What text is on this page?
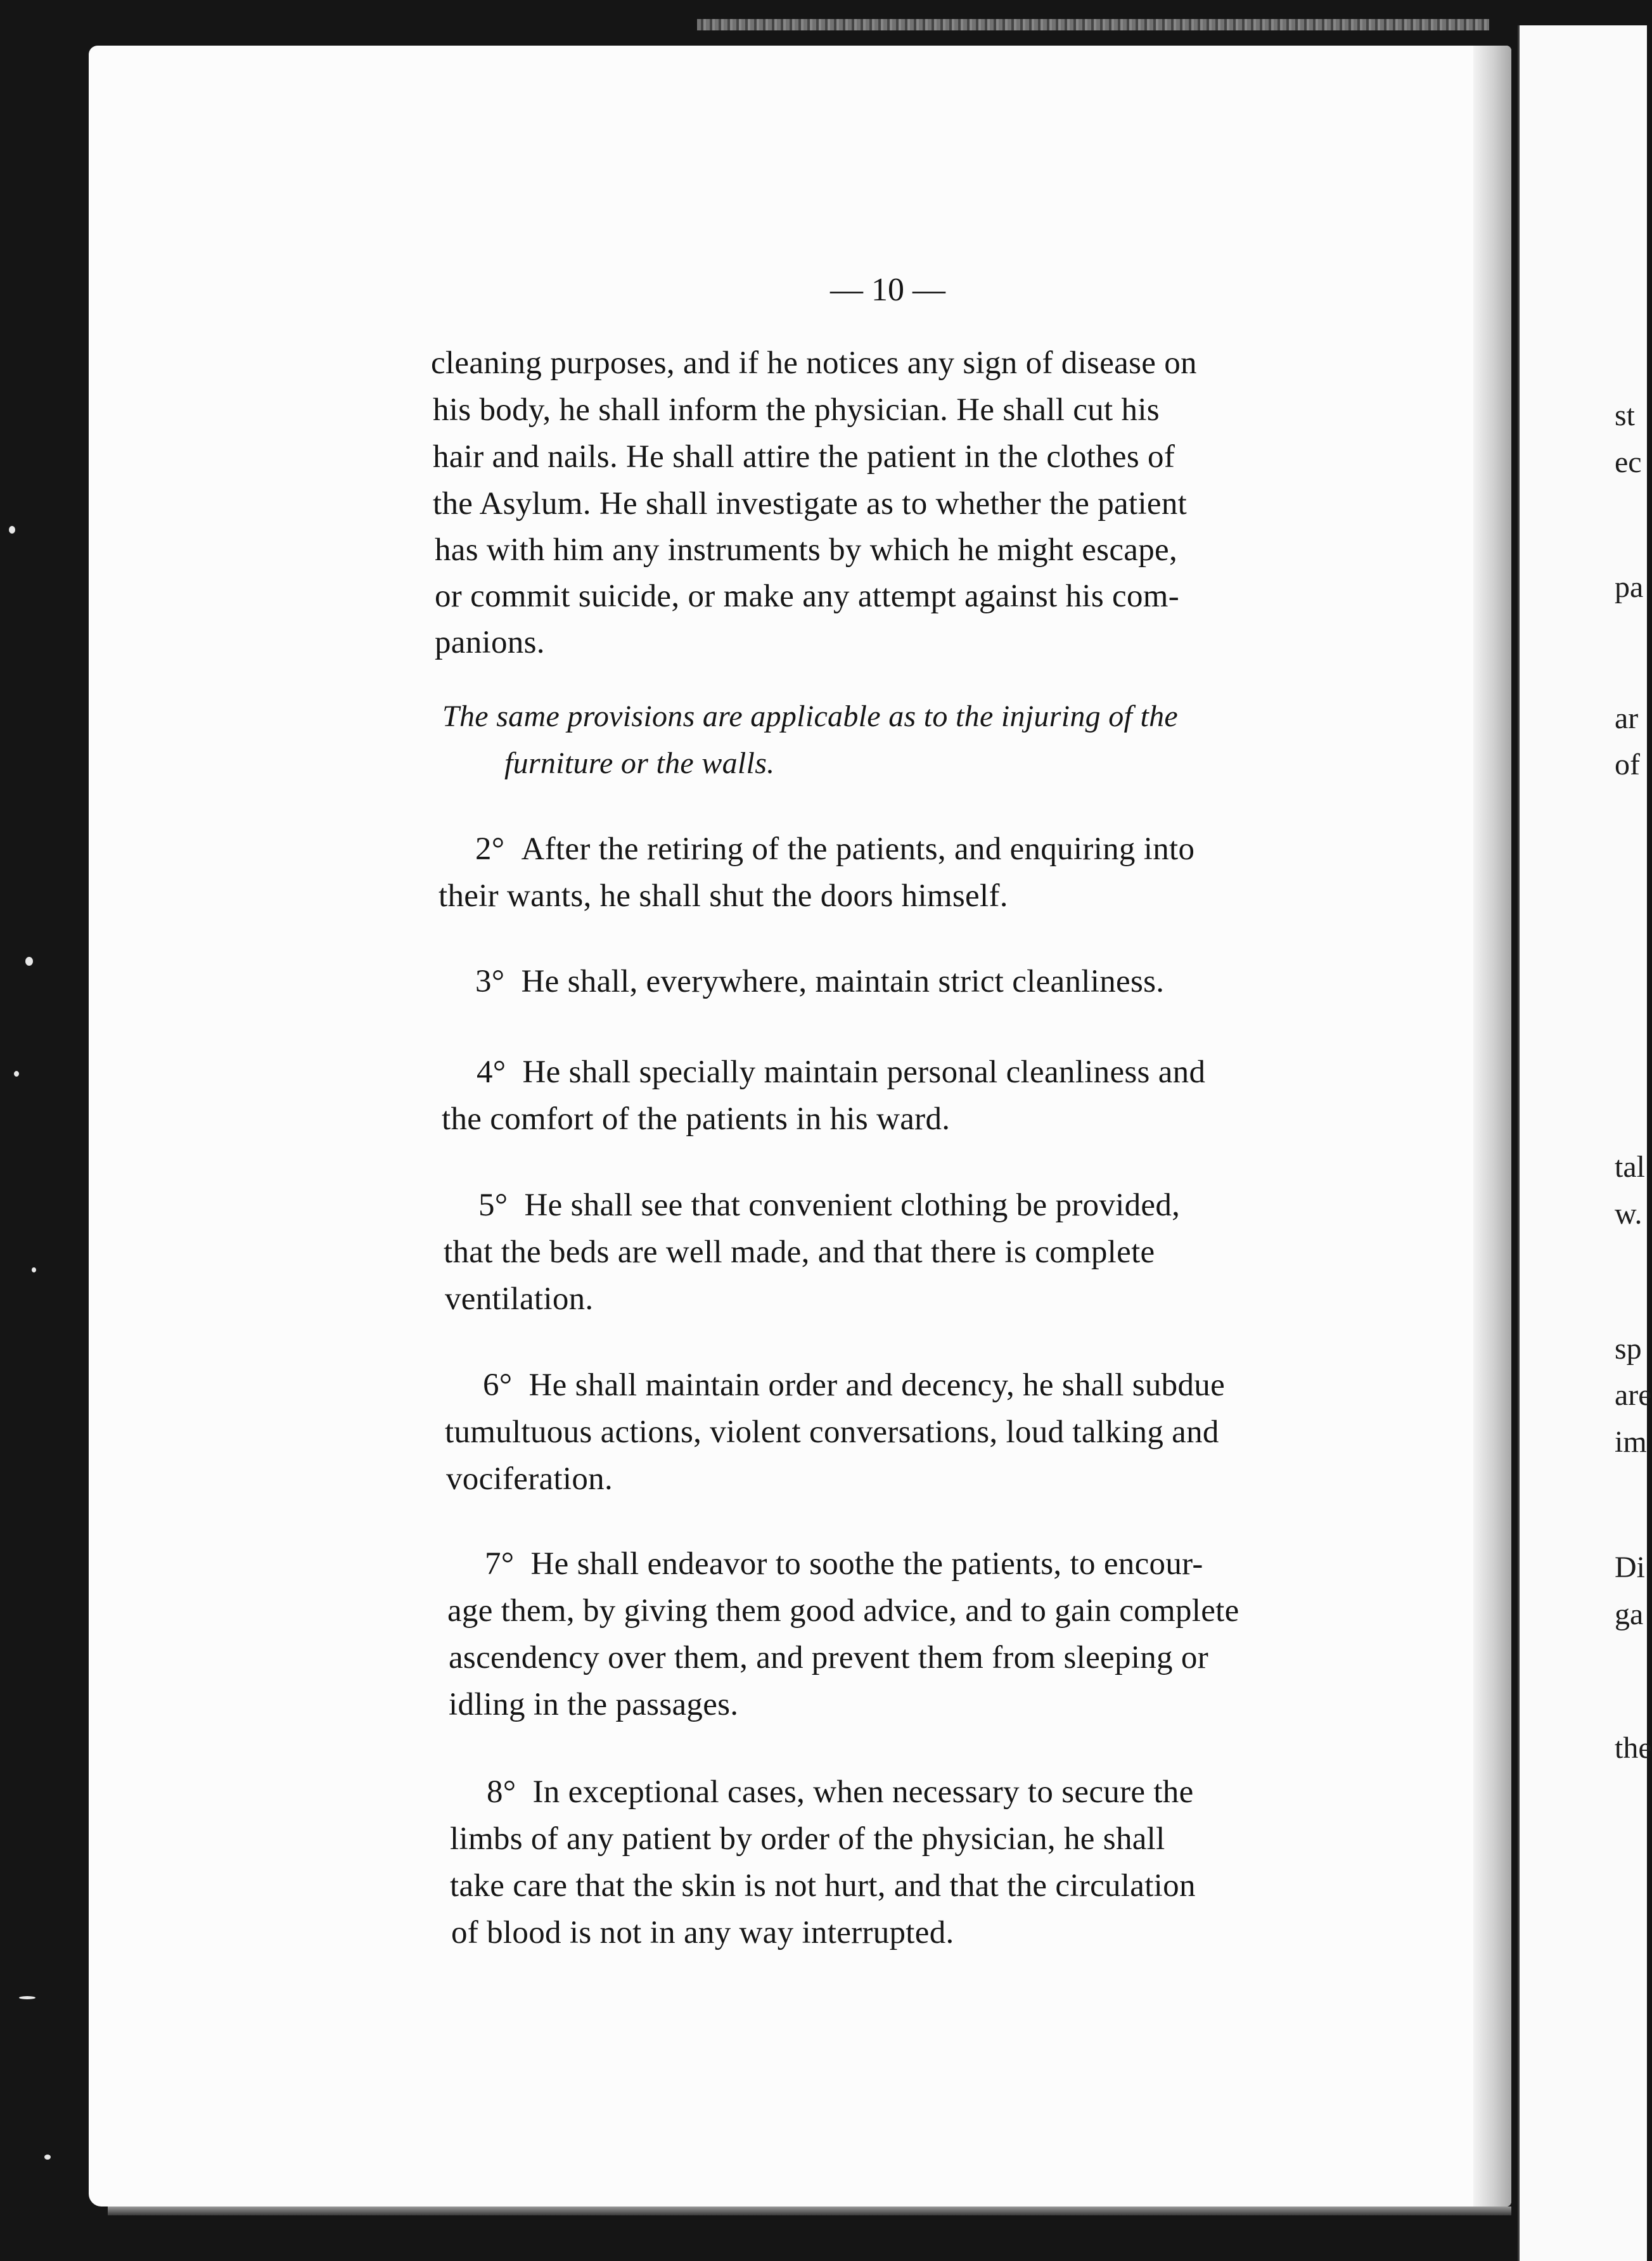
st
ec
pa
ar
of
tal
w.
sp
are
im
Di
ga
the
— 10 —
cleaning purposes, and if he notices any sign of disease on
his body, he shall inform the physician. He shall cut his
hair and nails. He shall attire the patient in the clothes of
the Asylum. He shall investigate as to whether the patient
has with him any instruments by which he might escape,
or commit suicide, or make any attempt against his com-
panions.
The same provisions are applicable as to the injuring of the
furniture or the walls.
2° After the retiring of the patients, and enquiring into
their wants, he shall shut the doors himself.
3° He shall, everywhere, maintain strict cleanliness.
4° He shall specially maintain personal cleanliness and
the comfort of the patients in his ward.
5° He shall see that convenient clothing be provided,
that the beds are well made, and that there is complete
ventilation.
6° He shall maintain order and decency, he shall subdue
tumultuous actions, violent conversations, loud talking and
vociferation.
7° He shall endeavor to soothe the patients, to encour-
age them, by giving them good advice, and to gain complete
ascendency over them, and prevent them from sleeping or
idling in the passages.
8° In exceptional cases, when necessary to secure the
limbs of any patient by order of the physician, he shall
take care that the skin is not hurt, and that the circulation
of blood is not in any way interrupted.
